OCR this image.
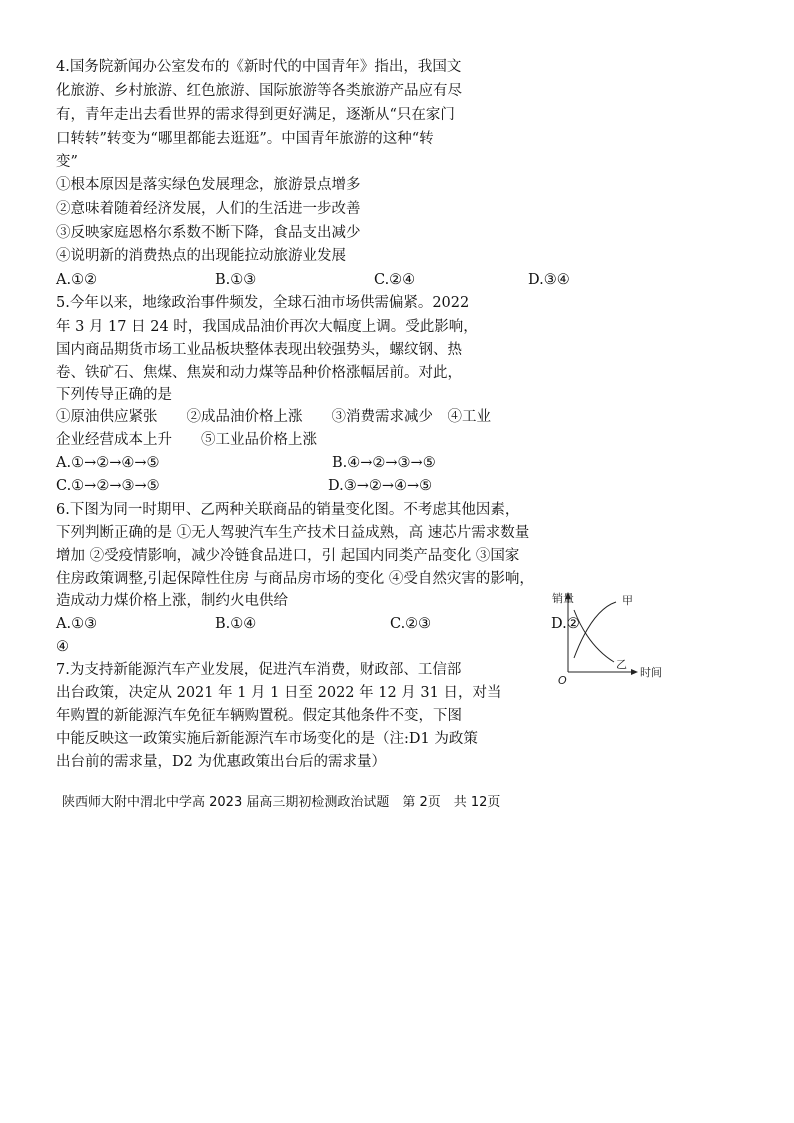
4.国务院新闻办公室发布的《新时代的中国青年》指出，我国文
化旅游、乡村旅游、红色旅游、国际旅游等各类旅游产品应有尽
有，青年走出去看世界的需求得到更好满足，逐渐从“只在家门
口转转”转变为“哪里都能去逛逛”。中国青年旅游的这种“转
变”
①根本原因是落实绿色发展理念，旅游景点增多
②意味着随着经济发展，人们的生活进一步改善
③反映家庭恩格尔系数不断下降，食品支出减少
④说明新的消费热点的出现能拉动旅游业发展
A.①②	B.①③	C.②④	D.③④
5.今年以来，地缘政治事件频发，全球石油市场供需偏紧。2022
年 3 月 17 日 24 时，我国成品油价再次大幅度上调。受此影响，
国内商品期货市场工业品板块整体表现出较强势头，螺纹钢、热
卷、铁矿石、焦煤、焦炭和动力煤等品种价格涨幅居前。对此，
下列传导正确的是
①原油供应紧张　　②成品油价格上涨　　③消费需求减少　④工业
企业经营成本上升　　⑤工业品价格上涨
A.①→②→④→⑤	B.④→②→③→⑤
C.①→②→③→⑤	D.③→②→④→⑤
6.下图为同一时期甲、乙两种关联商品的销量变化图。不考虑其他因素，
下列判断正确的是 ①无人驾驶汽车生产技术日益成熟，高 速芯片需求数量
增加 ②受疫情影响，减少冷链食品进口，引 起国内同类产品变化 ③国家
住房政策调整,引起保障性住房 与商品房市场的变化 ④受自然灾害的影响，
造成动力煤价格上涨，制约火电供给
A.①③	B.①④	C.②③	D.②
④
销量	甲
乙
时间
O
7.为支持新能源汽车产业发展，促进汽车消费，财政部、工信部
出台政策，决定从 2021 年 1 月 1 日至 2022 年 12 月 31 日，对当
年购置的新能源汽车免征车辆购置税。假定其他条件不变，下图
中能反映这一政策实施后新能源汽车市场变化的是（注:D1 为政策
出台前的需求量，D2 为优惠政策出台后的需求量）
陕西师大附中渭北中学高 2023 届高三期初检测政治试题　第 2页　共 12页
